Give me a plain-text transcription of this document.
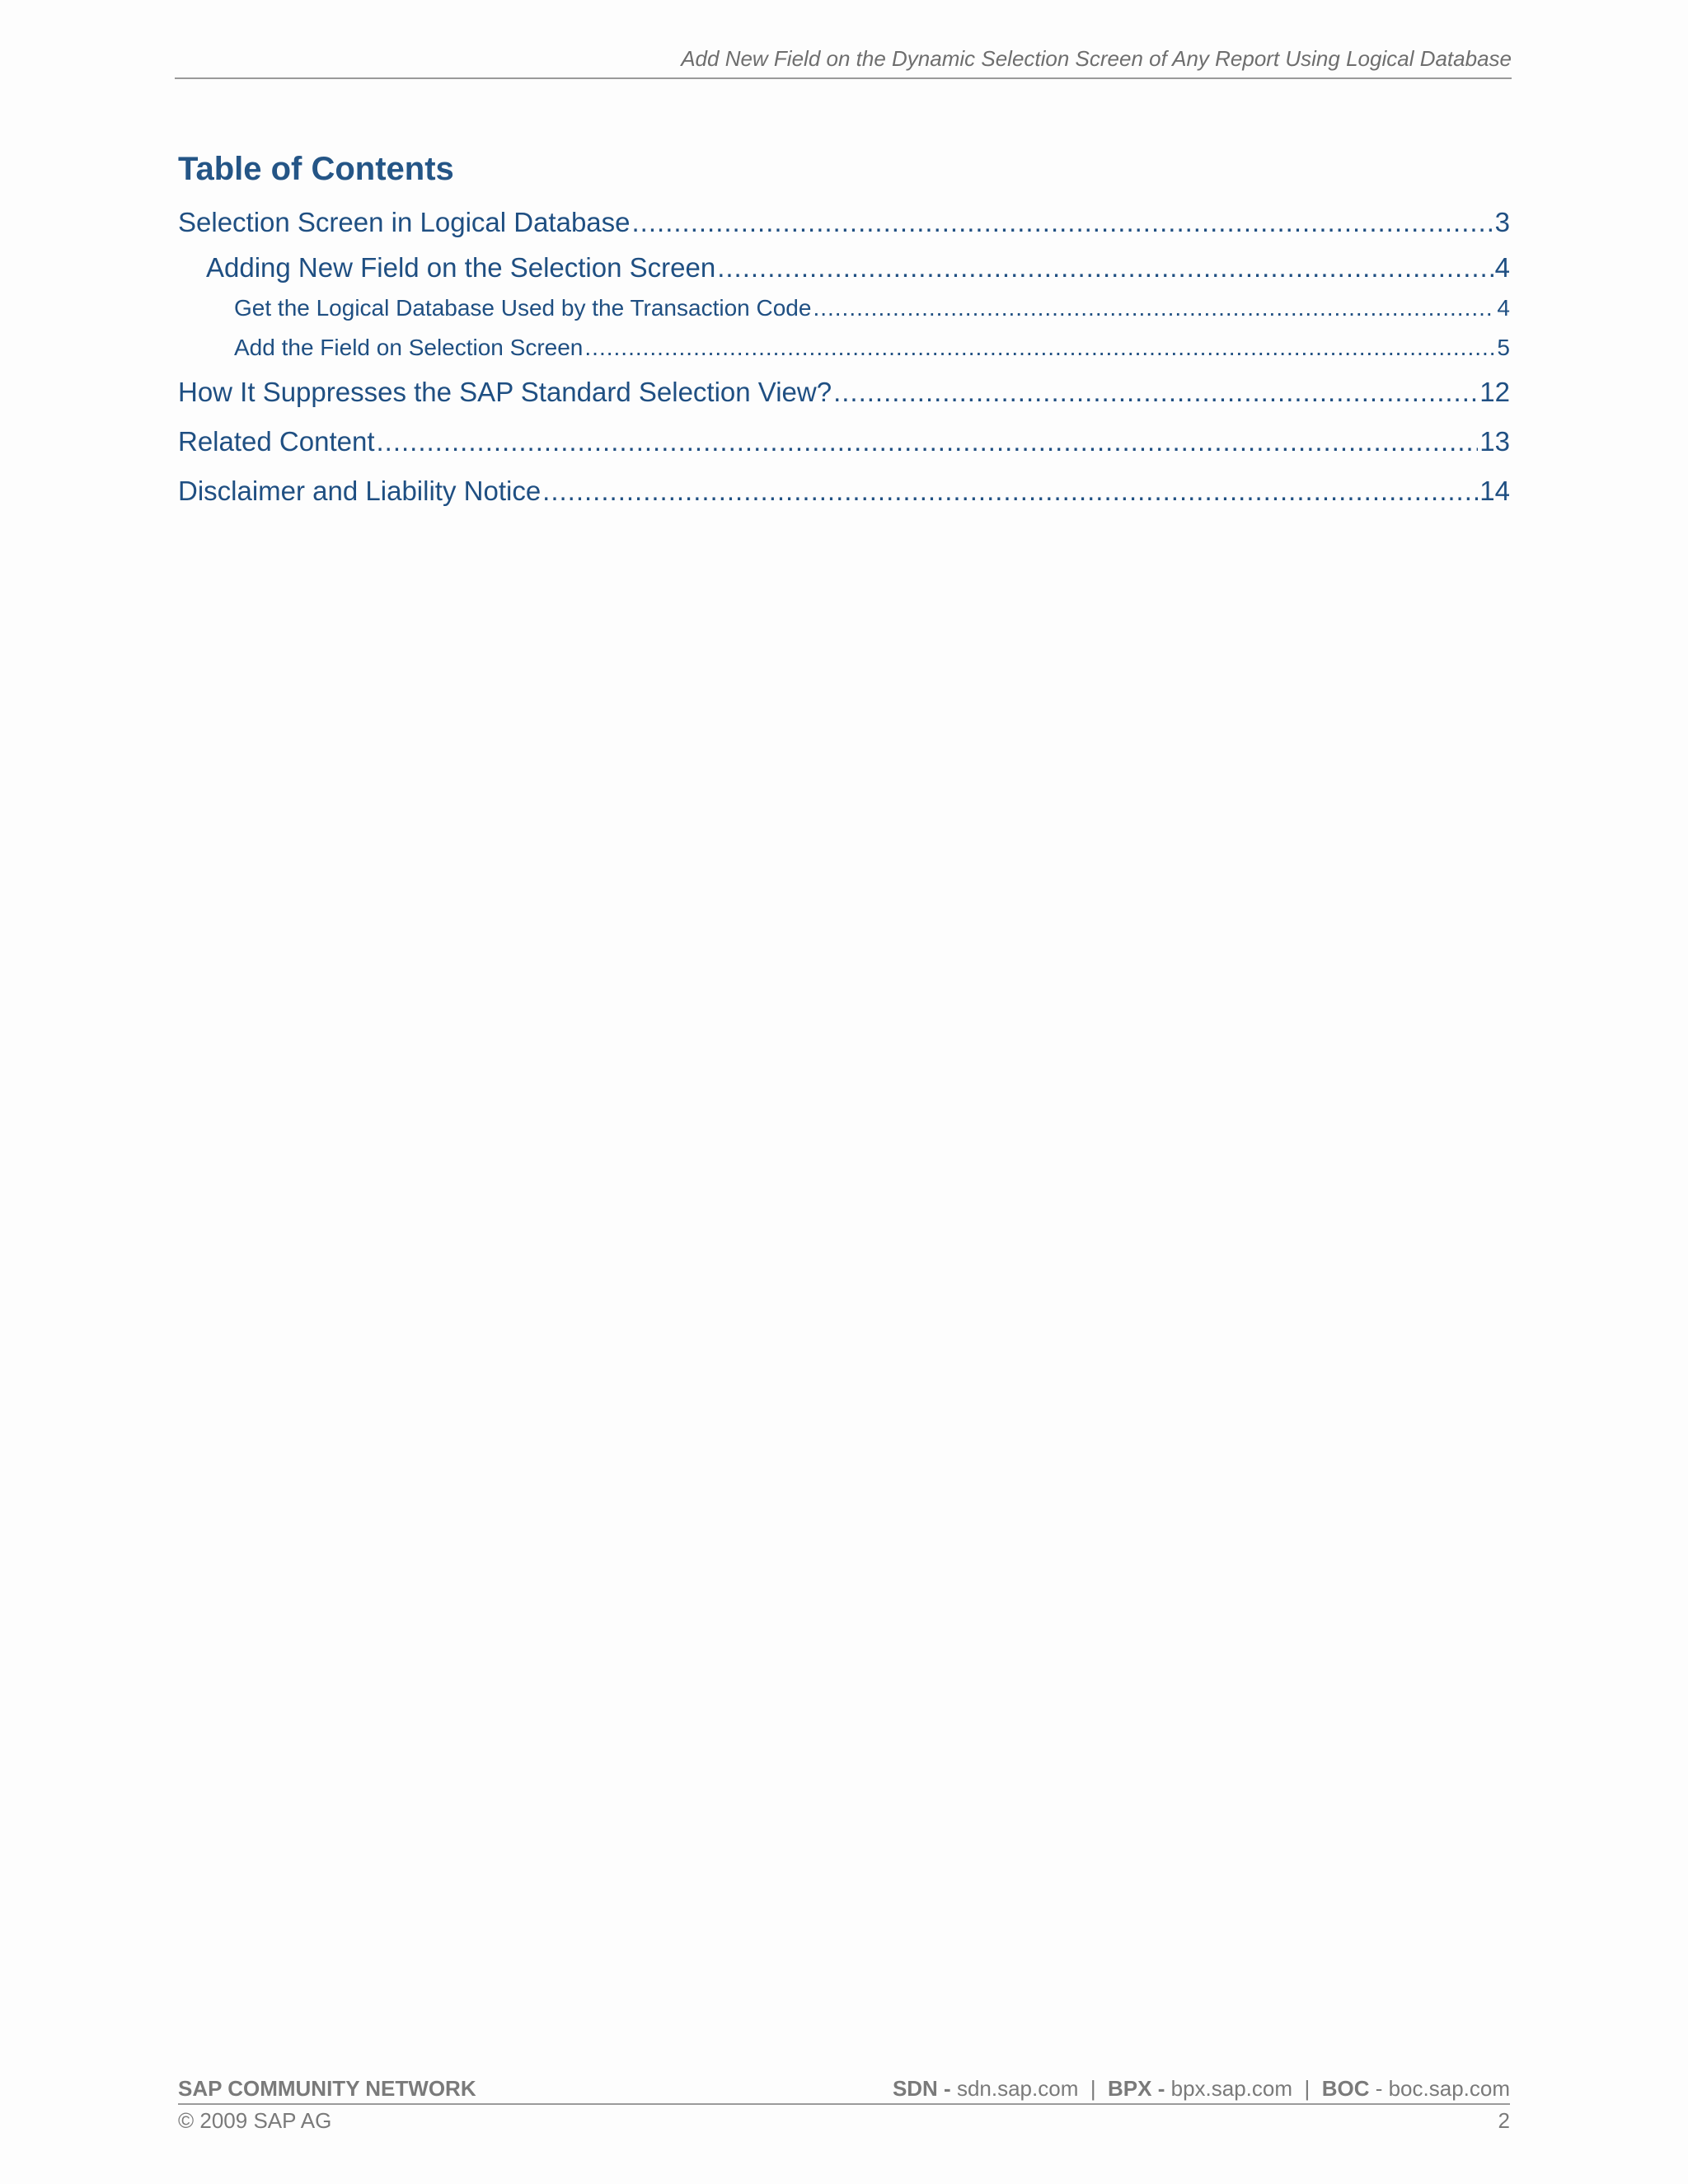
Add New Field on the Dynamic Selection Screen of Any Report Using Logical Database
Table of Contents
Selection Screen in Logical Database .....	3
Adding New Field on the Selection Screen .....	4
Get the Logical Database Used by the Transaction Code .....	4
Add the Field on Selection Screen .....	5
How It Suppresses the SAP Standard Selection View? .....	12
Related Content .....	13
Disclaimer and Liability Notice .....	14
SAP COMMUNITY NETWORK	SDN - sdn.sap.com | BPX - bpx.sap.com | BOC - boc.sap.com
© 2009 SAP AG	2
